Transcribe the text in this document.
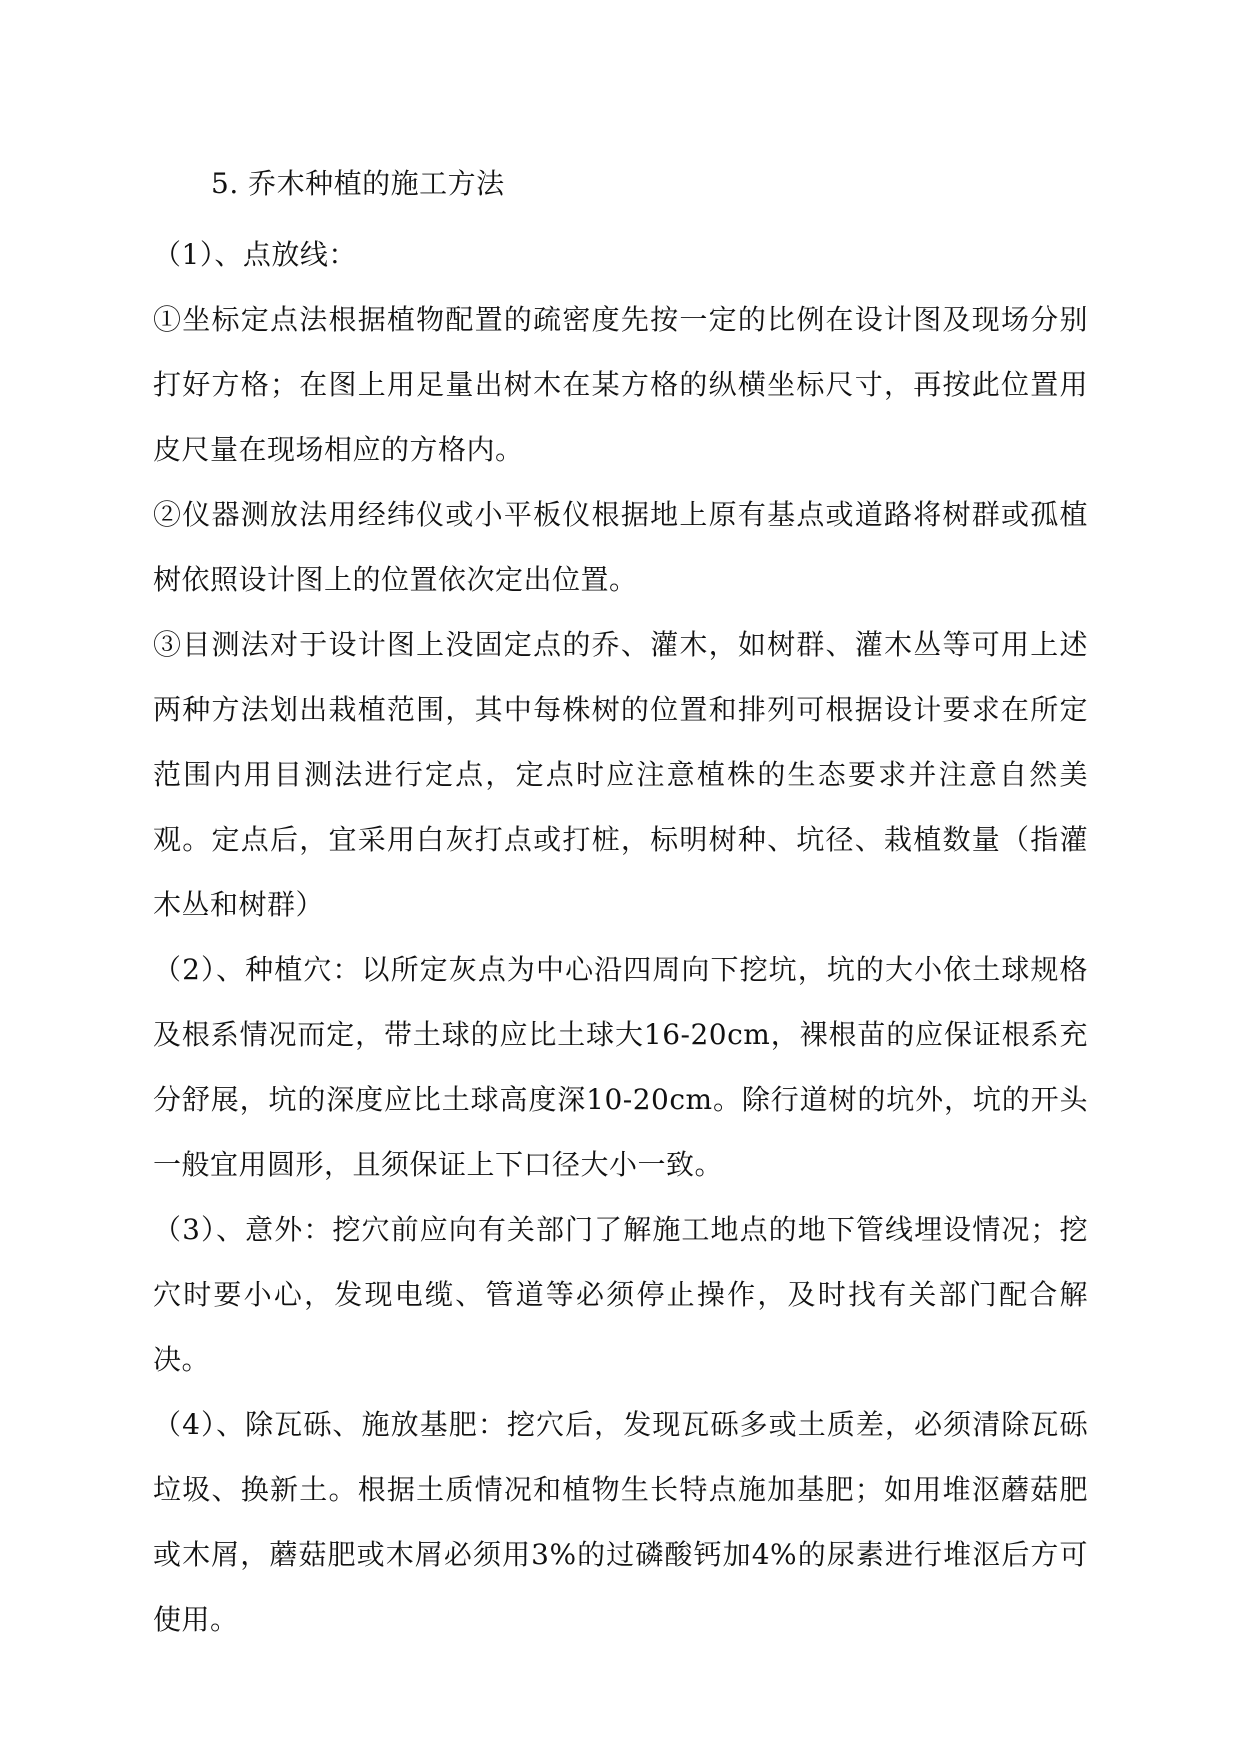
5. 乔木种植的施工方法

（1）、点放线：

①坐标定点法根据植物配置的疏密度先按一定的比例在设计图及现场分别打好方格；在图上用足量出树木在某方格的纵横坐标尺寸，再按此位置用皮尺量在现场相应的方格内。

②仪器测放法用经纬仪或小平板仪根据地上原有基点或道路将树群或孤植树依照设计图上的位置依次定出位置。

③目测法对于设计图上没固定点的乔、灌木，如树群、灌木丛等可用上述两种方法划出栽植范围，其中每株树的位置和排列可根据设计要求在所定范围内用目测法进行定点，定点时应注意植株的生态要求并注意自然美观。定点后，宜采用白灰打点或打桩，标明树种、坑径、栽植数量（指灌木丛和树群）

（2）、种植穴：以所定灰点为中心沿四周向下挖坑，坑的大小依土球规格及根系情况而定，带土球的应比土球大16-20cm，裸根苗的应保证根系充分舒展，坑的深度应比土球高度深10-20cm。除行道树的坑外，坑的开头一般宜用圆形，且须保证上下口径大小一致。

（3）、意外：挖穴前应向有关部门了解施工地点的地下管线埋设情况；挖穴时要小心，发现电缆、管道等必须停止操作，及时找有关部门配合解决。

（4）、除瓦砾、施放基肥：挖穴后，发现瓦砾多或土质差，必须清除瓦砾垃圾、换新土。根据土质情况和植物生长特点施加基肥；如用堆沤蘑菇肥或木屑，蘑菇肥或木屑必须用3%的过磷酸钙加4%的尿素进行堆沤后方可使用。
